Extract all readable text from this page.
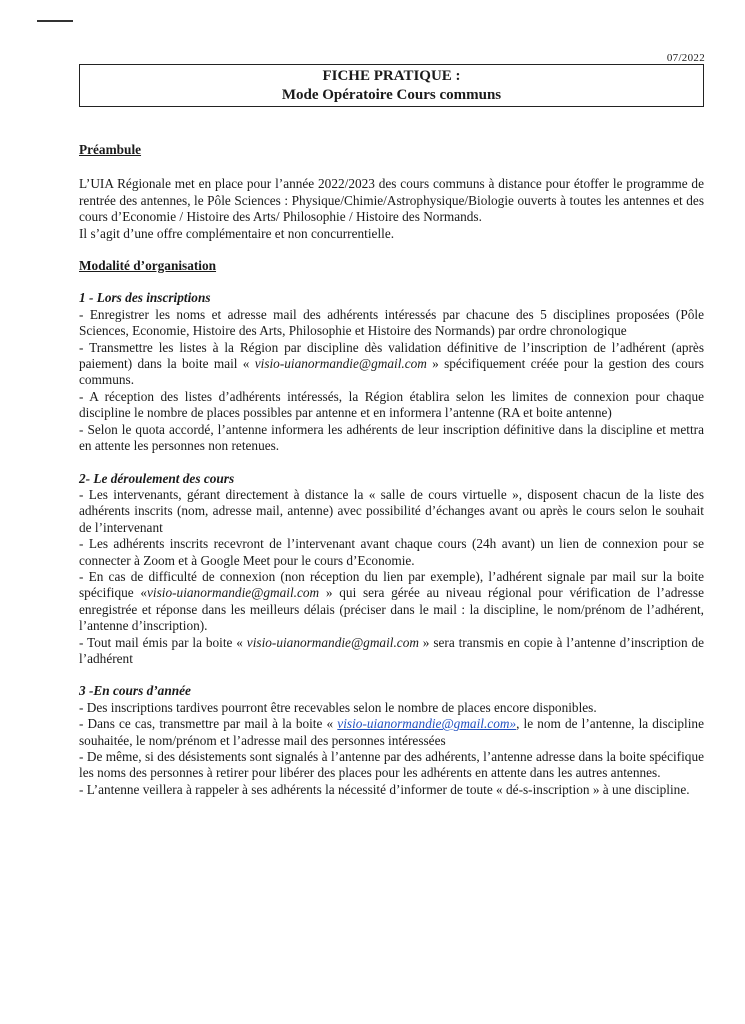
07/2022
FICHE PRATIQUE :
Mode Opératoire Cours communs

Préambule

L’UIA Régionale met en place pour l’année 2022/2023 des cours communs à distance pour étoffer le programme de rentrée des antennes, le Pôle Sciences : Physique/Chimie/Astrophysique/Biologie ouverts à toutes les antennes et des cours d’Economie / Histoire des Arts/ Philosophie / Histoire des Normands.

Il s’agit d’une offre complémentaire et non concurrentielle.

Modalité d’organisation

1 - Lors des inscriptions

- Enregistrer les noms et adresse mail des adhérents intéressés par chacune des 5 disciplines proposées (Pôle Sciences, Economie, Histoire des Arts, Philosophie et Histoire des Normands) par ordre chronologique

- Transmettre les listes à la Région par discipline dès validation définitive de l’inscription de l’adhérent (après paiement) dans la boite mail « visio-uianormandie@gmail.com » spécifiquement créée pour la gestion des cours communs.

- A réception des listes d’adhérents intéressés, la Région établira selon les limites de connexion pour chaque discipline le nombre de places possibles par antenne et en informera l’antenne (RA et boite antenne)

- Selon le quota accordé, l’antenne informera les adhérents de leur inscription définitive dans la discipline et mettra en attente les personnes non retenues.

2- Le déroulement des cours

- Les intervenants, gérant directement à distance la « salle de cours virtuelle », disposent chacun de la liste des adhérents inscrits (nom, adresse mail, antenne) avec possibilité d’échanges avant ou après le cours selon le souhait de l’intervenant

- Les adhérents inscrits recevront de l’intervenant avant chaque cours (24h avant) un lien de connexion pour se connecter à Zoom et à Google Meet pour le cours d’Economie.

- En cas de difficulté de connexion (non réception du lien par exemple), l’adhérent signale par mail sur la boite spécifique «visio-uianormandie@gmail.com » qui sera gérée au niveau régional pour vérification de l’adresse enregistrée et réponse dans les meilleurs délais (préciser dans le mail : la discipline, le nom/prénom de l’adhérent, l’antenne d’inscription).

- Tout mail émis par la boite « visio-uianormandie@gmail.com » sera transmis en copie à l’antenne d’inscription de l’adhérent

3 -En cours d’année

- Des inscriptions tardives pourront être recevables selon le nombre de places encore disponibles.

- Dans ce cas, transmettre par mail à la boite « visio-uianormandie@gmail.com», le nom de l’antenne, la discipline souhaitée, le nom/prénom et l’adresse mail des personnes intéressées

- De même, si des désistements sont signalés à l’antenne par des adhérents, l’antenne adresse dans la boite spécifique les noms des personnes à retirer pour libérer des places pour les adhérents en attente dans les autres antennes.

- L’antenne veillera à rappeler à ses adhérents la nécessité d’informer de toute « dé-s-inscription » à une discipline.
